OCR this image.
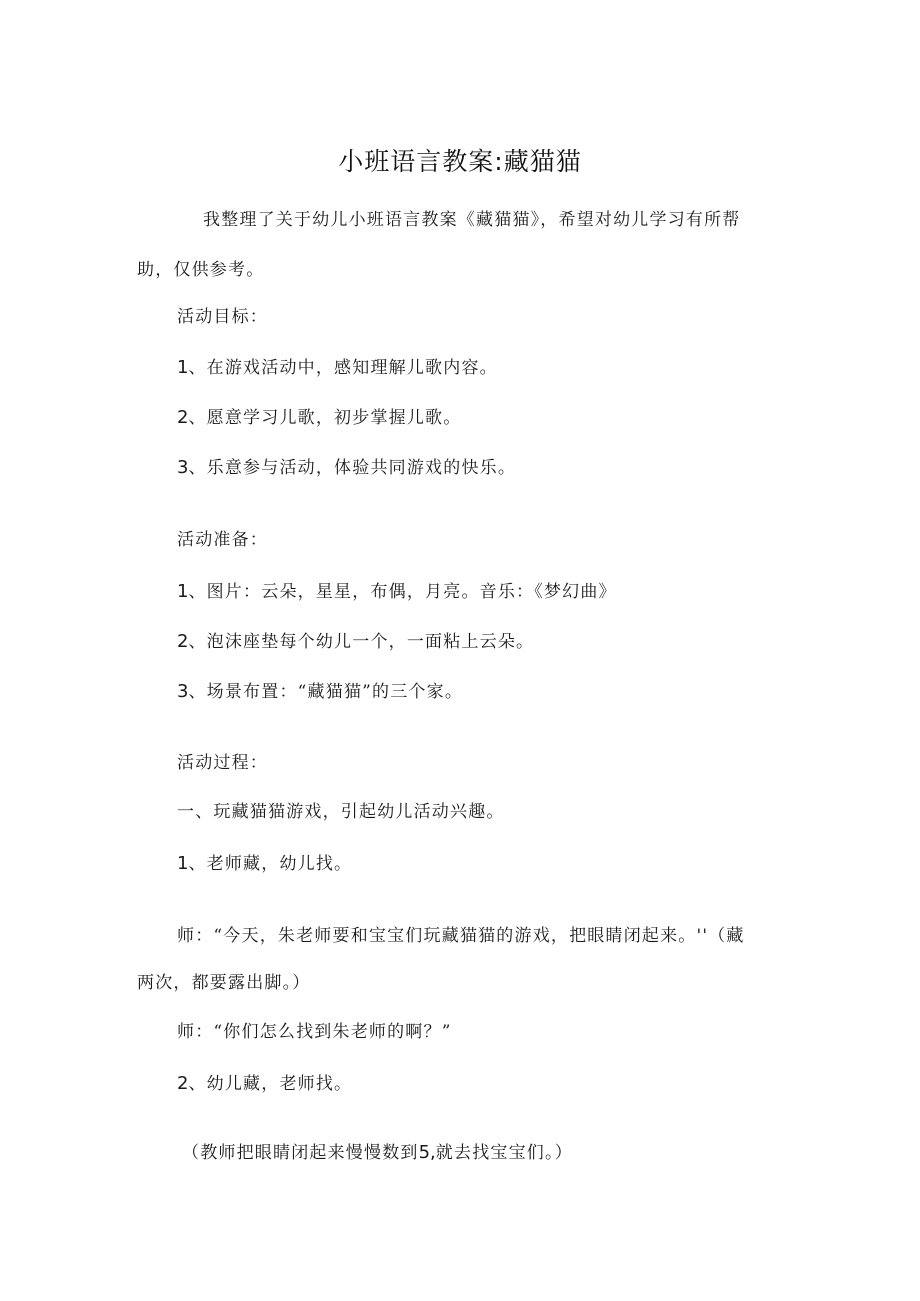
小班语言教案:藏猫猫

我整理了关于幼儿小班语言教案《藏猫猫》，希望对幼儿学习有所帮

助，仅供参考。

活动目标：

1、在游戏活动中，感知理解儿歌内容。

2、愿意学习儿歌，初步掌握儿歌。

3、乐意参与活动，体验共同游戏的快乐。

活动准备：

1、图片：云朵，星星，布偶，月亮。音乐：《梦幻曲》

2、泡沫座垫每个幼儿一个，一面粘上云朵。

3、场景布置：“藏猫猫”的三个家。

活动过程：

一、玩藏猫猫游戏，引起幼儿活动兴趣。

1、老师藏，幼儿找。

师：“今天，朱老师要和宝宝们玩藏猫猫的游戏，把眼睛闭起来。''（藏

两次，都要露出脚。）

师：“你们怎么找到朱老师的啊？”

2、幼儿藏，老师找。

（教师把眼睛闭起来慢慢数到5,就去找宝宝们。）
